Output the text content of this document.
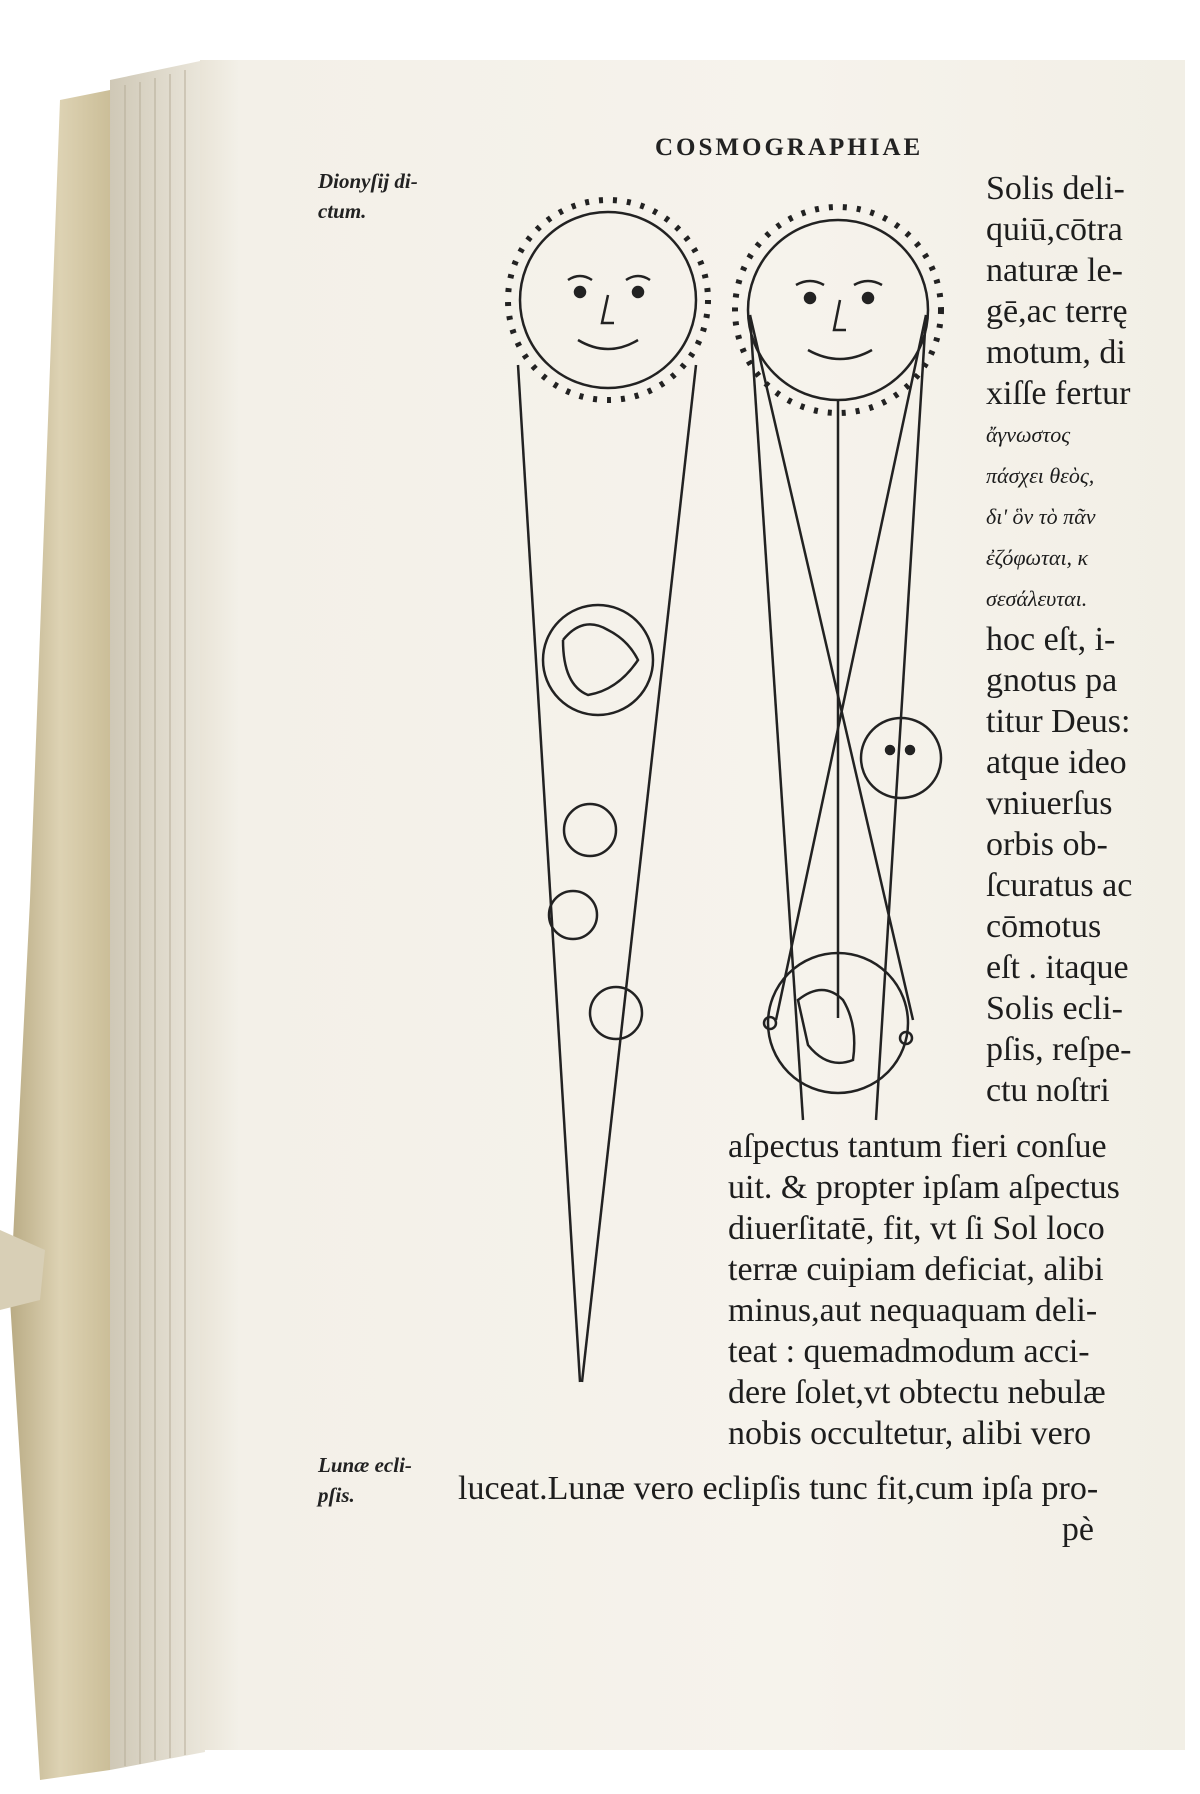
COSMOGRAPHIAE
Dionyſij di-
ctum.
Lunæ ecli-
pſis.
Solis deli-
quiū,cōtra
naturæ le-
gē,ac terrę
motum, di
xiſſe fertur
ἄγνωστος
πάσχει θεὸς,
δι' ὃν τὸ πᾶν
ἐζόφωται, κ
σεσάλευται.
hoc eſt, i-
gnotus pa
titur Deus:
atque ideo
vniuerſus
orbis ob-
ſcuratus ac
cōmotus
eſt . itaque
Solis ecli-
pſis, reſpe-
ctu noſtri
aſpectus tantum fieri conſue
uit. & propter ipſam aſpectus
diuerſitatē, fit, vt ſi Sol loco
terræ cuipiam deficiat, alibi
minus,aut nequaquam deli-
teat : quemadmodum acci-
dere ſolet,vt obtectu nebulæ
nobis occultetur, alibi vero
luceat.Lunæ vero eclipſis tunc fit,cum ipſa pro-
pè
